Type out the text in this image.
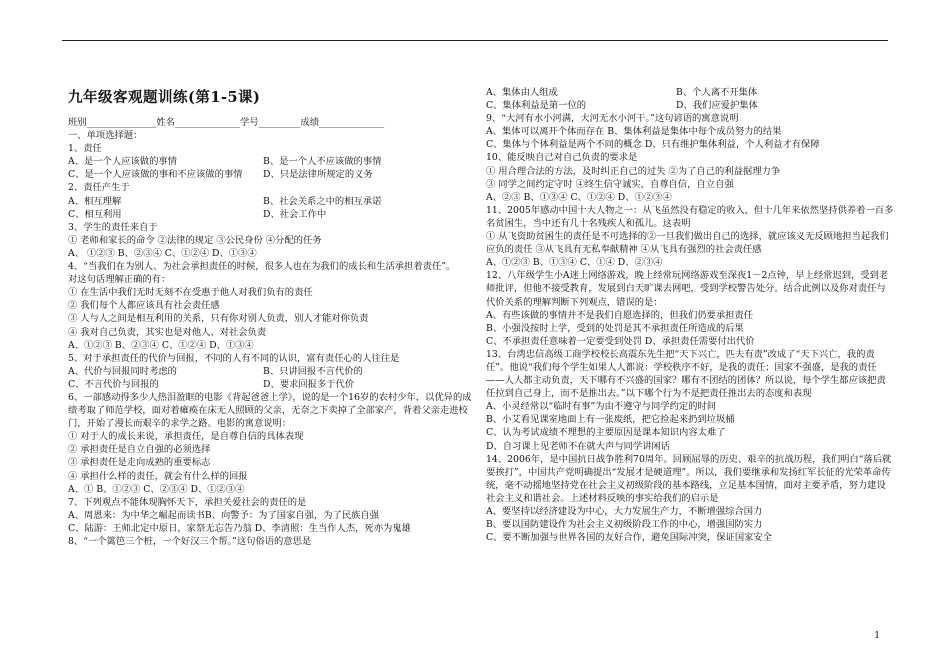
九年级客观题训练(第1-5课)
班别_______________姓名______________学号_________成绩______________
一、单项选择题：
1、责任
A、是一个人应该做的事情	B、是一个人不应该做的事情
C、是一个人应该做的事和不应该做的事情 D、只是法律所规定的义务
2、责任产生于
A、相互理解	B、社会关系之中的相互承诺
C、相互利用	D、社会工作中
3、学生的责任来自于
① 老师和家长的命令 ②法律的规定 ③公民身份 ④分配的任务
A、 ①②③ B、②③④ C、①②④ D、①③④
4、“当我们在为别人、为社会承担责任的时候，很多人也在为我们的成长和生活承担着责任”。
对这句话理解正确的有：
① 在生活中我们无时无刻不在受惠于他人对我们负有的责任
② 我们每个人都应该具有社会责任感
③ 人与人之间是相互利用的关系，只有你对别人负责，别人才能对你负责
④ 我对自己负责，其实也是对他人、对社会负责
A、①②③ B、②③④ C、①②④ D、①③④
5、对于承担责任的代价与回报，不同的人有不同的认识，富有责任心的人往往是
A、代价与回报同时考虑的	B、只讲回报不言代价的
C、不言代价与回报的	D、要求回报多于代价
6、一部感动得多少人热泪盈眶的电影《背起爸爸上学》，说的是一个16岁的农村少年，以优异的成绩考取了师范学校，面对着瘫痪在床无人照顾的父亲，无奈之下卖掉了全部家产，背着父亲走进校门，开始了漫长而艰辛的求学之路。电影的寓意说明：
① 对于人的成长来说，承担责任，是自尊自信的具体表现
② 承担责任是自立自强的必须选择
③ 承担责任是走向成熟的重要标志
④ 承担什么样的责任，就会有什么样的回报
A、① B、①②③ C、②③④ D、①②③④
7、下列观点不能体现胸怀天下，承担关爱社会的责任的是
A、周恩来：为中华之崛起而读书B、向警予：为了国家自强，为了民族自强
C、陆游：王师北定中原日，家祭无忘告乃翁 D、李清照：生当作人杰，死亦为鬼雄
8、“一个篱笆三个桩，一个好汉三个帮。”这句俗语的意思是
A、集体由人组成	B、个人离不开集体
C、集体利益是第一位的	D、我们应爱护集体
9、“大河有水小河满，大河无水小河干。”这句谚语的寓意说明
A、集体可以离开个体而存在 B、集体利益是集体中每个成员努力的结果
C、集体与个体利益是两个不同的概念 D、只有维护集体利益，个人利益才有保障
10、能反映自己对自己负责的要求是
① 用合理合法的方法，及时纠正自己的过失 ②为了自己的利益据理力争
③ 同学之间约定守时 ④终生信守诚实，自尊自信，自立自强
A、②③ B、①③④ C、①②④ D、①②③④
11、2005年感动中国十大人物之一：从飞虽然没有稳定的收入，但十几年来依然坚持供养着一百多名贫困生，当中还有几十名残疾人和孤儿。这表明
① 从飞资助贫困生的责任是不可选择的②一旦我们做出自己的选择，就应该义无反顾地担当起我们应负的责任 ③从飞具有无私奉献精神 ④从飞具有强烈的社会责任感
A、①②③ B、①③④ C、①④ D、②③④
12、八年级学生小A迷上网络游戏，晚上经常玩网络游戏至深夜1－2点钟，早上经常迟到，受到老师批评，但他不接受教育，发展到白天旷课去网吧，受到学校警告处分。结合此例以及你对责任与代价关系的理解判断下列观点，错误的是：
A、有些该做的事情并不是我们自愿选择的，但我们仍要承担责任
B、小强没按时上学，受到的处罚是其不承担责任所造成的后果
C、不承担责任意味着一定要受到处罚 D、承担责任需要付出代价
13、台湾忠信高级工商学校校长高震东先生把“天下兴亡，匹夫有责”改成了“天下兴亡，我的责任”。他说“我们每个学生如果人人都说：学校秩序不好，是我的责任；国家不强盛，是我的责任——人人都主动负责，天下哪有不兴盛的国家？哪有不团结的团体？所以说，每个学生都应该把责任拉到自己身上，而不是推出去。”以下哪个行为不是把责任推出去的态度和表现
A、小灵经常以“临时有事”为由不遵守与同学约定的时间
B、小艾看见课室地面上有一张废纸，把它捡起来扔到垃圾桶
C、认为考试成绩不理想的主要原因是课本知识内容太难了
D、自习课上见老师不在就大声与同学讲闲话
14、2006年，是中国抗日战争胜利70周年。回顾屈辱的历史、艰辛的抗战历程，我们明白“落后就要挨打”，中国共产党明确提出“发展才是硬道理”。所以，我们要继承和发扬红军长征的光荣革命传统，毫不动摇地坚持党在社会主义初级阶段的基本路线，立足基本国情，面对主要矛盾，努力建设社会主义和谐社会。上述材料反映的事实给我们的启示是
A、要坚持以经济建设为中心，大力发展生产力，不断增强综合国力
B、要以国防建设作为社会主义初级阶段工作的中心，增强国防实力
C、要不断加强与世界各国的友好合作，避免国际冲突，保证国家安全
1
